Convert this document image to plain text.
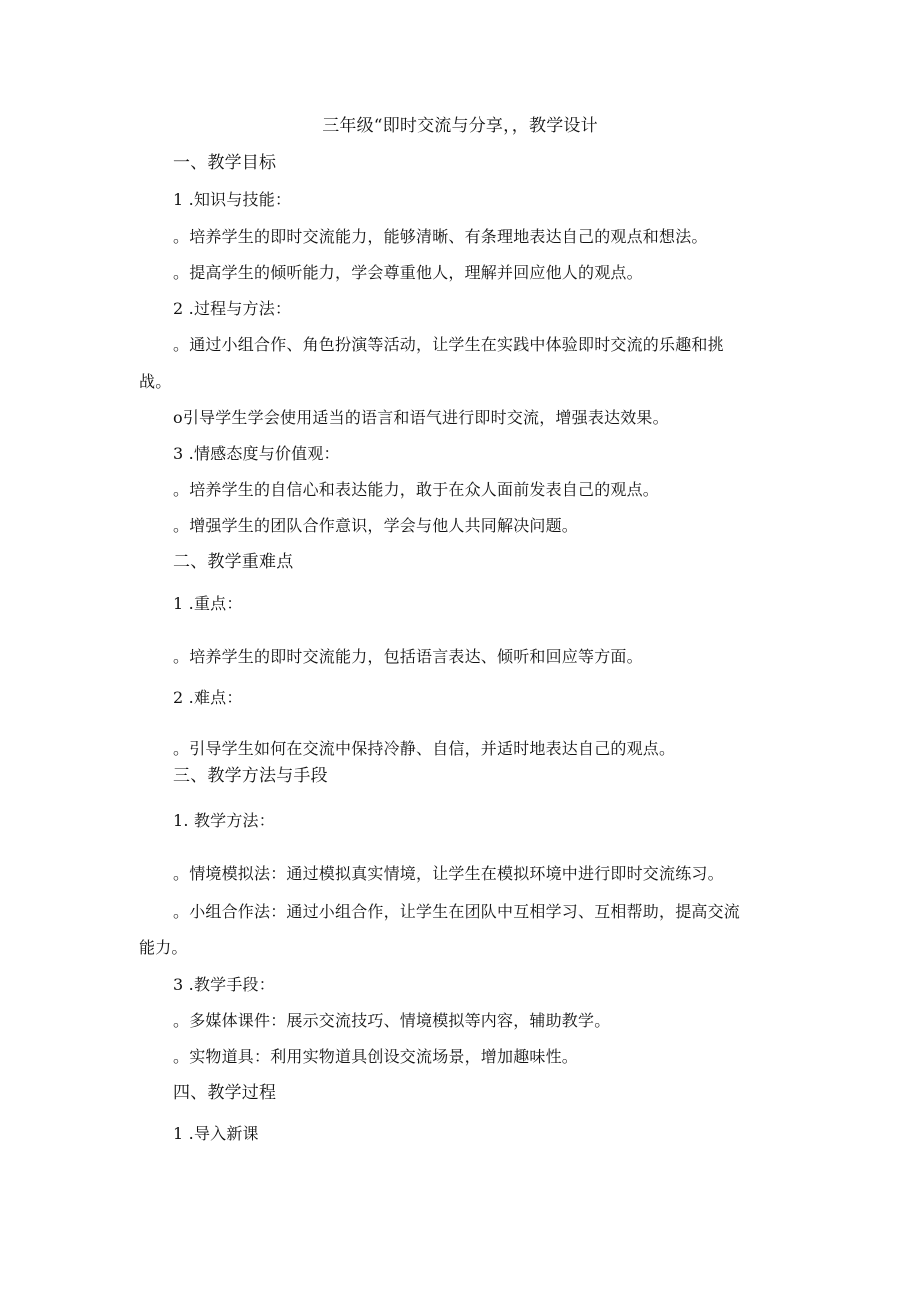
三年级“即时交流与分享，，教学设计
一、教学目标
1 .知识与技能：
。培养学生的即时交流能力，能够清晰、有条理地表达自己的观点和想法。
。提高学生的倾听能力，学会尊重他人，理解并回应他人的观点。
2 .过程与方法：
。通过小组合作、角色扮演等活动，让学生在实践中体验即时交流的乐趣和挑
战。
o引导学生学会使用适当的语言和语气进行即时交流，增强表达效果。
3 .情感态度与价值观：
。培养学生的自信心和表达能力，敢于在众人面前发表自己的观点。
。增强学生的团队合作意识，学会与他人共同解决问题。
二、教学重难点
1 .重点：
。培养学生的即时交流能力，包括语言表达、倾听和回应等方面。
2 .难点：
。引导学生如何在交流中保持冷静、自信，并适时地表达自己的观点。
三、教学方法与手段
1. 教学方法：
。情境模拟法：通过模拟真实情境，让学生在模拟环境中进行即时交流练习。
。小组合作法：通过小组合作，让学生在团队中互相学习、互相帮助，提高交流
能力。
3 .教学手段：
。多媒体课件：展示交流技巧、情境模拟等内容，辅助教学。
。实物道具：利用实物道具创设交流场景，增加趣味性。
四、教学过程
1 .导入新课
